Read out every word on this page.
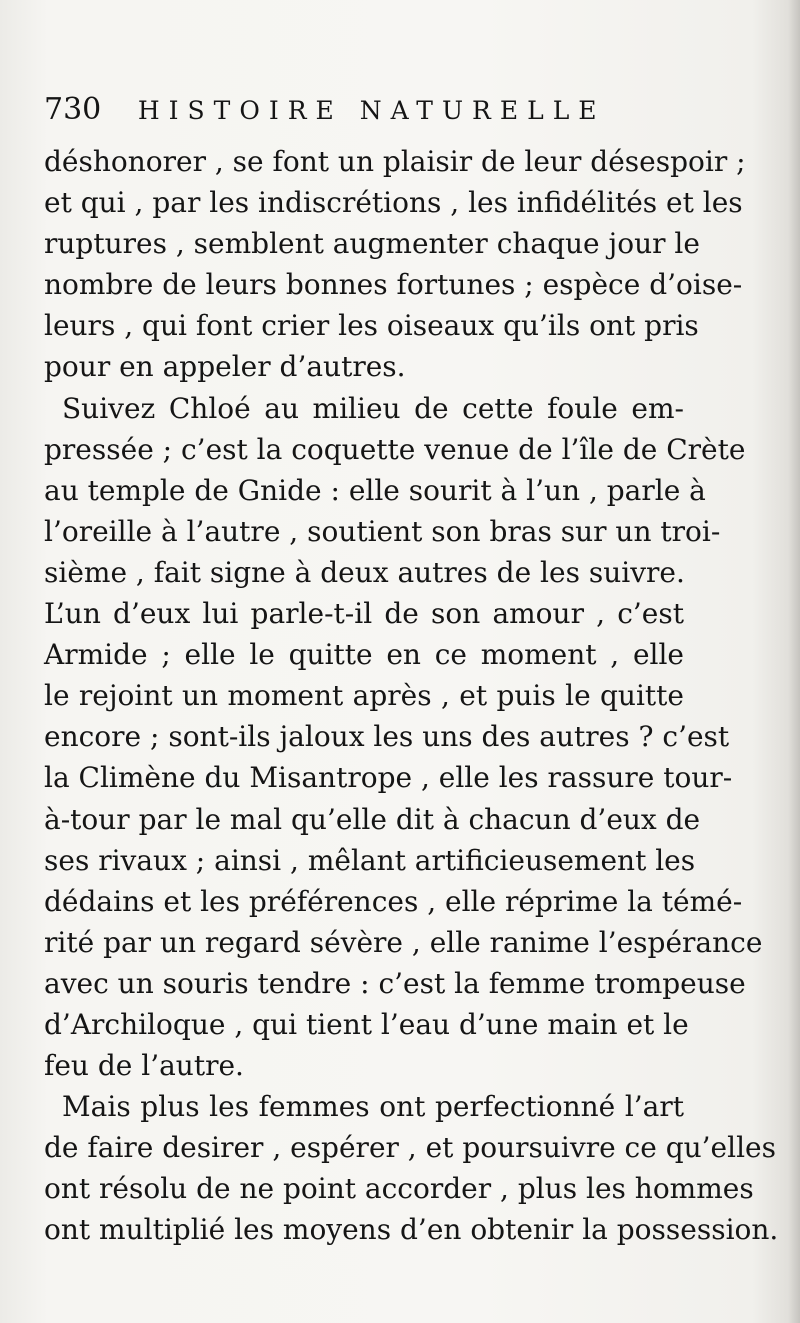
730 HISTOIRE NATURELLE
déshonorer , se font un plaisir de leur désespoir ;
et qui , par les indiscrétions , les infidélités et les
ruptures , semblent augmenter chaque jour le
nombre de leurs bonnes fortunes ; espèce d’oise-
leurs , qui font crier les oiseaux qu’ils ont pris
pour en appeler d’autres.
Suivez Chloé au milieu de cette foule em-
pressée ; c’est la coquette venue de l’île de Crète
au temple de Gnide : elle sourit à l’un , parle à
l’oreille à l’autre , soutient son bras sur un troi-
sième , fait signe à deux autres de les suivre.
L’un d’eux lui parle-t-il de son amour , c’est
Armide ; elle le quitte en ce moment , elle
le rejoint un moment après , et puis le quitte
encore ; sont-ils jaloux les uns des autres ? c’est
la Climène du Misantrope , elle les rassure tour-
à-tour par le mal qu’elle dit à chacun d’eux de
ses rivaux ; ainsi , mêlant artificieusement les
dédains et les préférences , elle réprime la témé-
rité par un regard sévère , elle ranime l’espérance
avec un souris tendre : c’est la femme trompeuse
d’Archiloque , qui tient l’eau d’une main et le
feu de l’autre.
Mais plus les femmes ont perfectionné l’art
de faire desirer , espérer , et poursuivre ce qu’elles
ont résolu de ne point accorder , plus les hommes
ont multiplié les moyens d’en obtenir la possession.
